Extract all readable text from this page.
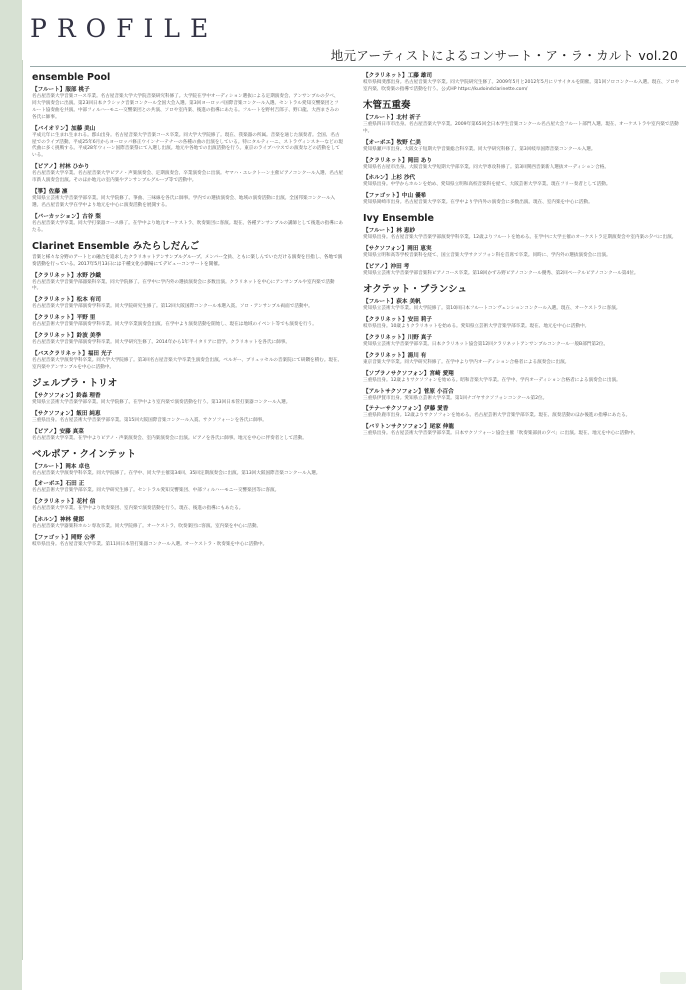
PROFILE
地元アーティストによるコンサート・ア・ラ・カルト vol.20
ensemble Pool
【フルート】服部 桃子
名古屋音楽大学音楽コース卒業。名古屋音楽大学大学院音楽研究科修了。大学院在学中オーディション選抜による定期演奏会、アンサンブルの夕べ、同大学演奏会に出演。第23回日本クラシック音楽コンクール全国大会入選。第3回ヨーロッパ国際音楽コンクール入選。セントラル愛知交響楽団とフルート協奏曲を共演。中部フィルハーモニー交響楽団との共演、ソロや室内楽、後進の指導にあたる。フルートを野村吉郎子、野口龍、大西まさみの各氏に師事。
【バイオリン】加藤 美山
平成元年に生まれ生まれる。郡山出身。名古屋音楽大学音楽コース卒業。同大学大学院修了。現在、我楽器の所属。音楽を通じた演奏者。全国、名古屋でのライブ活動。平成25年6月からヨーロッパ修正ウインナーテナーの各種の曲の出演をしている。特にタルティーニ、ストラヴィンスキーなどの現代曲に多く挑戦する。平成28年ウィーン国際音楽祭にて入選し出演。地元や各地での出演活動を行う。東京のライブハウスでの演奏などの活動をしている。
【ピアノ】村林 ひかり
名古屋音楽大学卒業。名古屋音楽大学ピアノ・声楽演奏会、定期演奏会、卒業演奏会に出演。ヤマハ・エレクトーン主催ピアノコンクール入選、名古屋市新人演奏会出演。そのほか地元の室内楽やアンサンブルグループ等で活動中。
【箏】佐藤 凛
愛知県立芸術大学音楽学部卒業。同大学院修了。箏曲、三味線を各氏に師事。学内での選抜演奏会、地域の演奏活動に出演。全国邦楽コンクール入選。名古屋音楽大学在学中より地元を中心に演奏活動を展開する。
【パーカッション】古谷 梨
名古屋音楽大学卒業。同大学打楽器コース修了。在学中より地元オーケストラ、吹奏楽団に客演。現在、各種アンサンブルの講師として後進の指導にあたる。
Clarinet Ensemble みたらしだんご
音楽と様々な分野のアートとの融合を追求したクラリネットアンサンブルグループ。メンバー全員、ともに楽しんでいただける演奏を目指し、各地で演奏活動を行っている。2017年5月13日には千種文化小劇場にてデビューコンサートを開催。
【クラリネット】水野 沙織
名古屋音楽大学音楽学部器楽科卒業。同大学院修了。在学中に学内外の選抜演奏会に多数出演。クラリネットを中心にアンサンブルや室内楽で活動中。
【クラリネット】松本 有司
名古屋音楽大学音楽学部演奏学科卒業。同大学院研究生修了。第12回大阪国際コンクール本選入賞。ソロ・アンサンブル両面で活動中。
【クラリネット】平野 里
名古屋芸術大学音楽学部演奏学科卒業。同大学卒業演奏会出演。在学中より演奏活動を開始し、現在は地域のイベント等でも演奏を行う。
【クラリネット】鈴波 美季
名古屋音楽大学音楽学部演奏学科卒業。同大学研究生修了。2014年から1年半イタリアに留学。クラリネットを各氏に師事。
【バスクラリネット】福田 光子
名古屋音楽大学演奏学科卒業。同大学大学院修了。第3回名古屋音楽大学卒業生演奏会出演。ベルギー、ブリュッセルの音楽院にて研鑽を積む。現在、室内楽やアンサンブルを中心に活動中。
ジェルブラ・トリオ
【サクソフォン】鈴森 理香
愛知県立芸術大学音楽学部卒業。同大学院修了。在学中より室内楽で演奏活動を行う。第13回日本管打楽器コンクール入選。
【サクソフォン】飯田 純恵
三重県出身。名古屋芸術大学音楽学部卒業。第15回大阪国際音楽コンクール入賞。サクソフォーンを各氏に師事。
【ピアノ】安藤 真菜
名古屋音楽大学卒業。在学中よりピアノ・声楽演奏会、室内楽演奏会に出演。ピアノを各氏に師事。地元を中心に伴奏者として活動。
ベルポア・クインテット
【フルート】岡本 卓也
名古屋音楽大学演奏学科卒業。同大学院修了。在学中、同大学主催第34回、35回定期演奏会に出演。第13回大阪国際音楽コンクール入選。
【オーボエ】石田 正
名古屋芸術大学音楽学部卒業。同大学研究生修了。セントラル愛知交響楽団、中部フィルハーモニー交響楽団等に客演。
【クラリネット】花村 信
名古屋音楽大学卒業。在学中より吹奏楽団、室内楽で演奏活動を行う。現在、後進の指導にもあたる。
【ホルン】神林 健郎
名古屋音楽大学器楽科ホルン専攻卒業。同大学院修了。オーケストラ、吹奏楽団に客演。室内楽を中心に活動。
【ファゴット】岡野 公孝
岐阜県出身。名古屋音楽大学卒業。第11回日本管打楽器コンクール入選。オーケストラ・吹奏楽を中心に活動中。
【クラリネット】工藤 雄司
岐阜県揖斐郡出身。名古屋音楽大学卒業。同大学院研究生修了。2009年5月と2012年5月にリサイタルを開催。第1回ソロコンクール入選。現在、ソロや室内楽、吹奏楽の指導で活動を行う。公式HP https://kudoindclarinette.com/
木管五重奏
【フルート】北村 祈子
三重県四日市市出身。名古屋音楽大学卒業。2009年第65回全日本学生音楽コンクール名古屋大会フルート部門入選。現在、オーケストラや室内楽で活動中。
【オーボエ】牧野 仁美
愛知県瀬戸市出身。大阪女子短期大学音楽総合科卒業。同大学研究科修了。第3回岐阜国際音楽コンクール入選。
【クラリネット】岡田 あり
愛知県名古屋市出身。大阪音楽大学短期大学部卒業。同大学専攻科修了。第3回関西音楽新人選抜オーディション合格。
【ホルン】上杉 沙代
愛知県出身。中学からホルンを始め、愛知県立明和高校音楽科を経て、大阪芸術大学卒業。現在フリー奏者として活動。
【ファゴット】中山 優希
愛知県岡崎市出身。名古屋音楽大学卒業。在学中より学内外の演奏会に多数出演。現在、室内楽を中心に活動。
Ivy Ensemble
【フルート】林 恵紗
愛知県出身。名古屋音楽大学音楽学部演奏学科卒業。12歳よりフルートを始める。在学中に大学主催のオーケストラ定期演奏会や室内楽の夕べに出演。
【サクソフォン】岡田 恵実
愛知県立明和高等学校音楽科を経て、国立音楽大学サクソフォン科を首席で卒業。同時に、学内外の選抜演奏会に出演。
【ピアノ】沖田 考
愛知県立芸術大学音楽学部音楽科ピアノコース卒業。第18回かずみ野ピアノコンクール優秀、第2回ペーテルピアノコンクール第4位。
オクテット・ブランシュ
【フルート】荻本 美帆
愛知県立芸術大学卒業。同大学院修了。第10回日本フルートコンヴェンションコンクール入選。現在、オーケストラに客演。
【クラリネット】安田 莉子
岐阜県出身。10歳よりクラリネットを始める。愛知県立芸術大学音楽学部卒業。現在、地元を中心に活動中。
【クラリネット】川野 真子
愛知県立芸術大学音楽学部卒業。日本クラリネット協会第12回クラリネットアンサンブルコンクール一般B部門第2位。
【クラリネット】湯川 有
東京音楽大学卒業。同大学研究科修了。在学中より学内オーディション合格者による演奏会に出演。
【ソプラノサクソフォン】宮崎 愛翔
三重県出身。12歳よりサクソフォンを始める。昭和音楽大学卒業。在学中、学内オーディション合格者による演奏会に出演。
【アルトサクソフォン】菅原 小百合
三重県伊賀市出身。愛知県立芸術大学卒業。第1回ナゴヤサクソフォンコンクール第2位。
【テナーサクソフォン】伊藤 愛香
三重県鈴鹿市出身。12歳よりサクソフォンを始める。名古屋芸術大学音楽学部卒業。現在、演奏活動のほか後進の指導にあたる。
【バリトンサクソフォン】尾家 伸龍
三重県出身。名古屋芸術大学音楽学部卒業。日本サクソフォーン協会主催「吹奏楽部員の夕べ」に出演。現在、地元を中心に活動中。
